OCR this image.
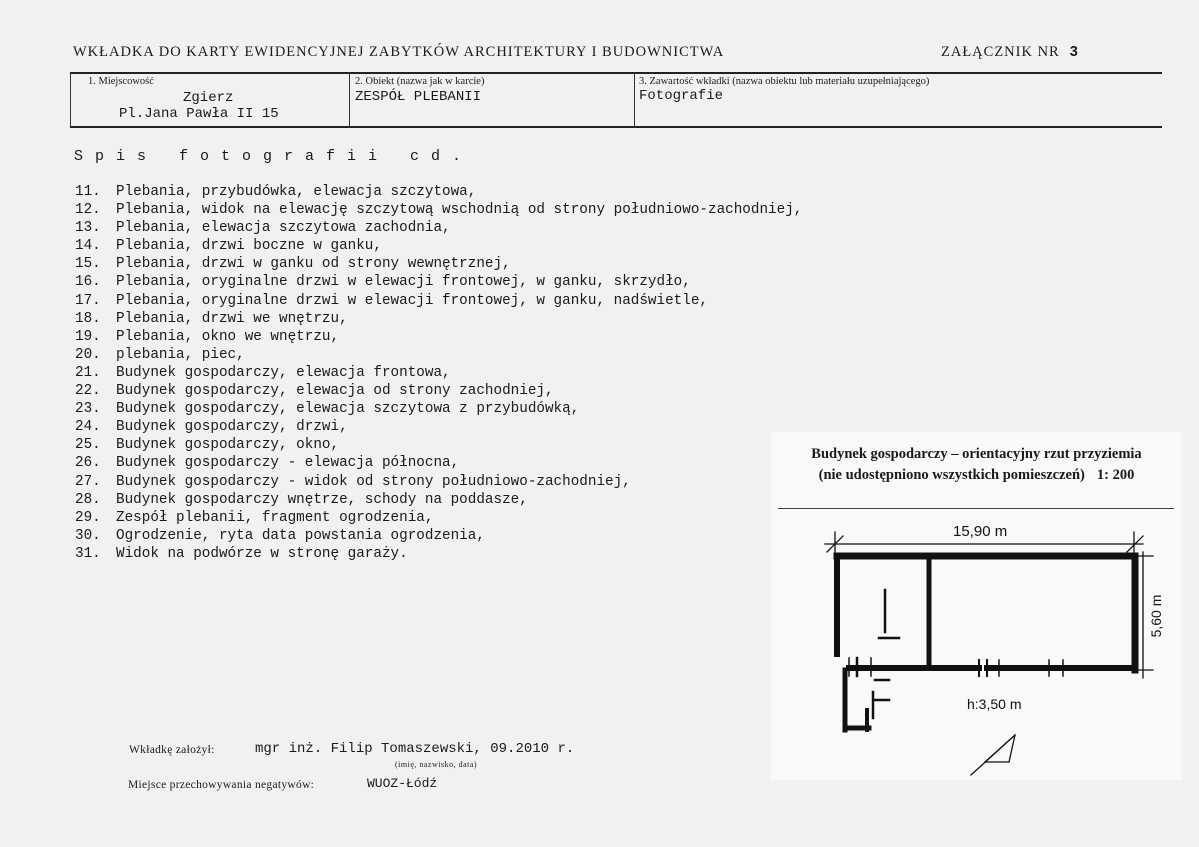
WKŁADKA DO KARTY EWIDENCYJNEJ ZABYTKÓW ARCHITEKTURY I BUDOWNICTWA	ZAŁĄCZNIK NR 3
1. Miejscowość
Zgierz
Pl.Jana Pawła II 15
2. Obiekt (nazwa jak w karcie)
ZESPÓŁ PLEBANII
3. Zawartość wkładki (nazwa obiektu lub materiału uzupełniającego)
Fotografie
Spis fotografii cd.
11. Plebania, przybudówka, elewacja szczytowa,
12. Plebania, widok na elewację szczytową wschodnią od strony południowo-zachodniej,
13. Plebania, elewacja szczytowa zachodnia,
14. Plebania, drzwi boczne w ganku,
15. Plebania, drzwi w ganku od strony wewnętrznej,
16. Plebania, oryginalne drzwi w elewacji frontowej, w ganku, skrzydło,
17. Plebania, oryginalne drzwi w elewacji frontowej, w ganku, nadświetle,
18. Plebania, drzwi we wnętrzu,
19. Plebania, okno we wnętrzu,
20. plebania, piec,
21. Budynek gospodarczy, elewacja frontowa,
22. Budynek gospodarczy, elewacja od strony zachodniej,
23. Budynek gospodarczy, elewacja szczytowa z przybudówką,
24. Budynek gospodarczy, drzwi,
25. Budynek gospodarczy, okno,
26. Budynek gospodarczy - elewacja północna,
27. Budynek gospodarczy - widok od strony południowo-zachodniej,
28. Budynek gospodarczy wnętrze, schody na poddasze,
29. Zespół plebanii, fragment ogrodzenia,
30. Ogrodzenie, ryta data powstania ogrodzenia,
31. Widok na podwórze w stronę garaży.
Budynek gospodarczy – orientacyjny rzut przyziemia
(nie udostępniono wszystkich pomieszczeń) 1: 200
15,90 m
5,60 m
h:3,50 m
Wkładkę założył:	mgr inż. Filip Tomaszewski, 09.2010 r.
(imię, nazwisko, data)
Miejsce przechowywania negatywów:	WUOZ-Łódź
